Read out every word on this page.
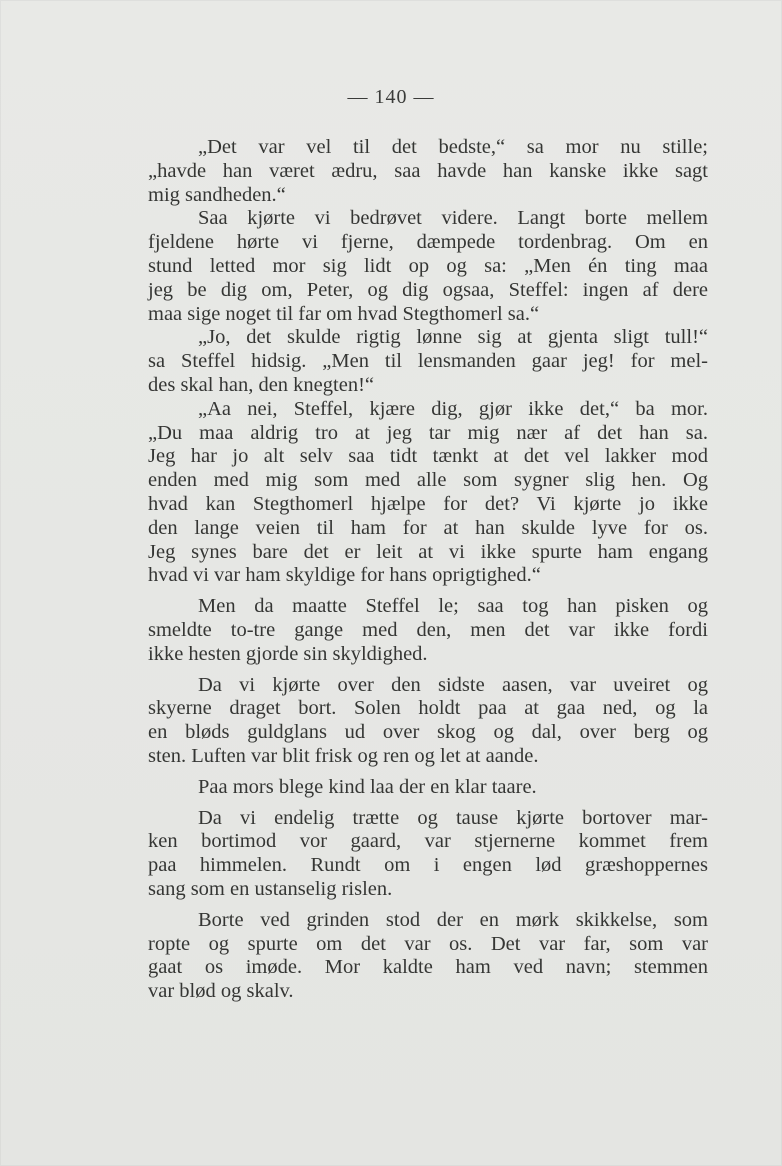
— 140 —
„Det var vel til det bedste,“ sa mor nu stille;
„havde han været ædru, saa havde han kanske ikke sagt
mig sandheden.“
Saa kjørte vi bedrøvet videre. Langt borte mellem
fjeldene hørte vi fjerne, dæmpede tordenbrag. Om en
stund letted mor sig lidt op og sa: „Men én ting maa
jeg be dig om, Peter, og dig ogsaa, Steffel: ingen af dere
maa sige noget til far om hvad Stegthomerl sa.“
„Jo, det skulde rigtig lønne sig at gjenta sligt tull!“
sa Steffel hidsig. „Men til lensmanden gaar jeg! for mel-
des skal han, den knegten!“
„Aa nei, Steffel, kjære dig, gjør ikke det,“ ba mor.
„Du maa aldrig tro at jeg tar mig nær af det han sa.
Jeg har jo alt selv saa tidt tænkt at det vel lakker mod
enden med mig som med alle som sygner slig hen. Og
hvad kan Stegthomerl hjælpe for det? Vi kjørte jo ikke
den lange veien til ham for at han skulde lyve for os.
Jeg synes bare det er leit at vi ikke spurte ham engang
hvad vi var ham skyldige for hans oprigtighed.“
Men da maatte Steffel le; saa tog han pisken og
smeldte to-tre gange med den, men det var ikke fordi
ikke hesten gjorde sin skyldighed.
Da vi kjørte over den sidste aasen, var uveiret og
skyerne draget bort. Solen holdt paa at gaa ned, og la
en bløds guldglans ud over skog og dal, over berg og
sten. Luften var blit frisk og ren og let at aande.
Paa mors blege kind laa der en klar taare.
Da vi endelig trætte og tause kjørte bortover mar-
ken bortimod vor gaard, var stjernerne kommet frem
paa himmelen. Rundt om i engen lød græshoppernes
sang som en ustanselig rislen.
Borte ved grinden stod der en mørk skikkelse, som
ropte og spurte om det var os. Det var far, som var
gaat os imøde. Mor kaldte ham ved navn; stemmen
var blød og skalv.
